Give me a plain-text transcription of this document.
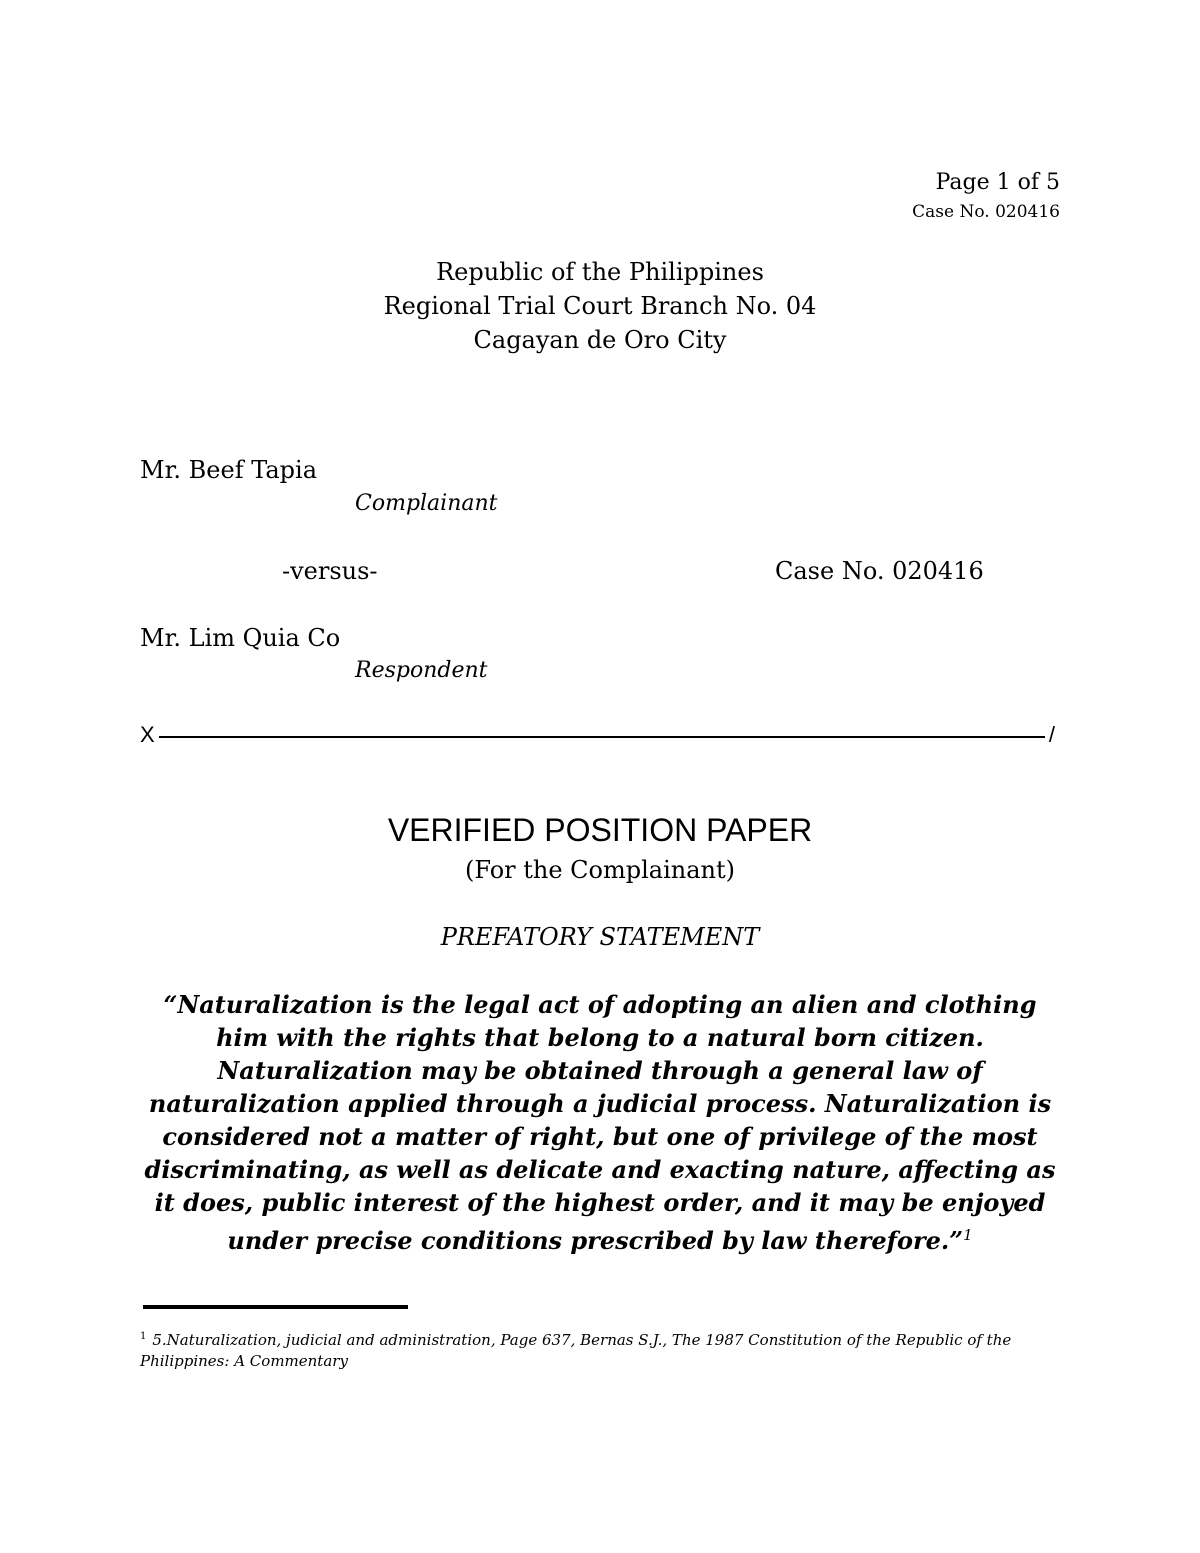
Page 1 of 5
Case No. 020416
Republic of the Philippines
Regional Trial Court Branch No. 04
Cagayan de Oro City
Mr. Beef Tapia
Complainant
-versus-	Case No. 020416
Mr. Lim Quia Co
Respondent
X	/
VERIFIED POSITION PAPER
(For the Complainant)
PREFATORY STATEMENT
“Naturalization is the legal act of adopting an alien and clothing him with the rights that belong to a natural born citizen. Naturalization may be obtained through a general law of naturalization applied through a judicial process. Naturalization is considered not a matter of right, but one of privilege of the most discriminating, as well as delicate and exacting nature, affecting as it does, public interest of the highest order, and it may be enjoyed under precise conditions prescribed by law therefore.”$^1$
$^1$ 5.Naturalization, judicial and administration, Page 637, Bernas S.J., The 1987 Constitution of the Republic of the Philippines: A Commentary
